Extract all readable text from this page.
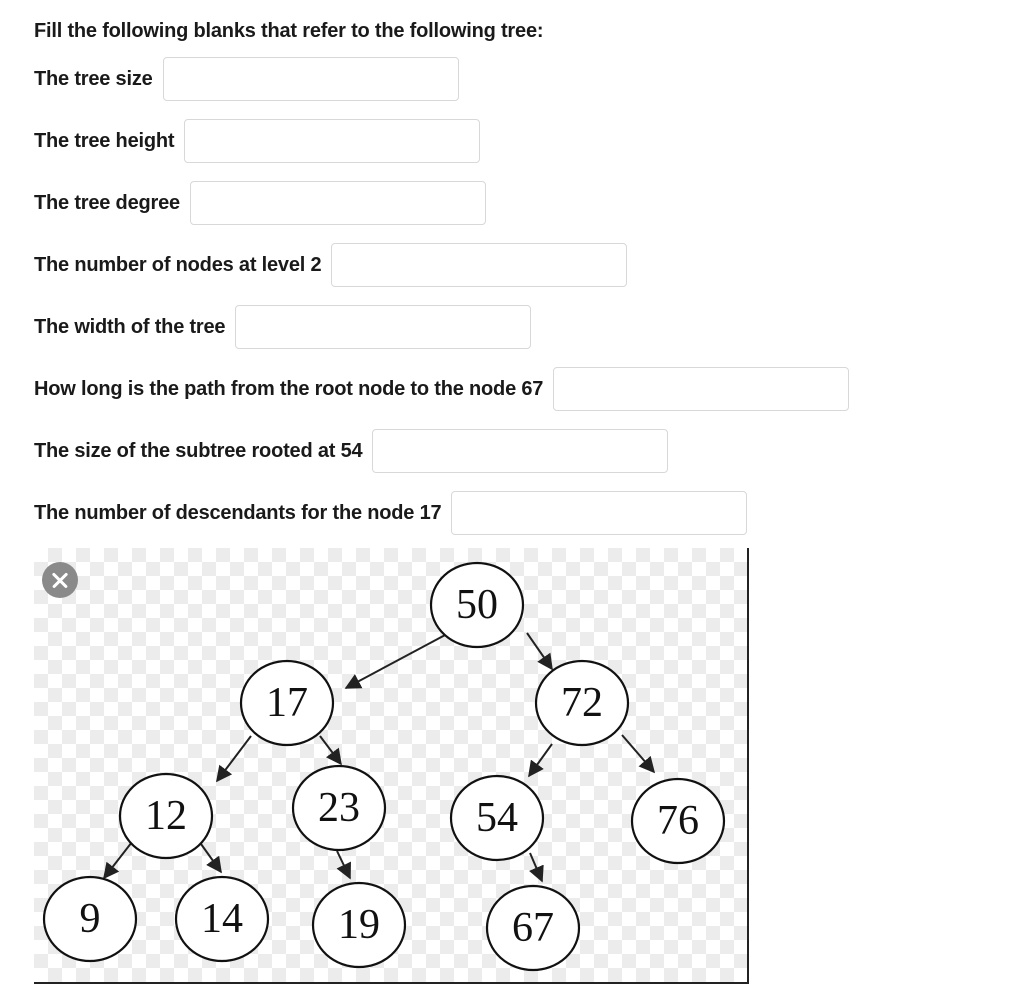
Fill the following blanks that refer to the following tree:
The tree size
The tree height
The tree degree
The number of nodes at level 2
The width of the tree
How long is the path from the root node to the node 67
The size of the subtree rooted at 54
The number of descendants for the node 17
50
17	72
12	23	54	76
9 14 19	67
